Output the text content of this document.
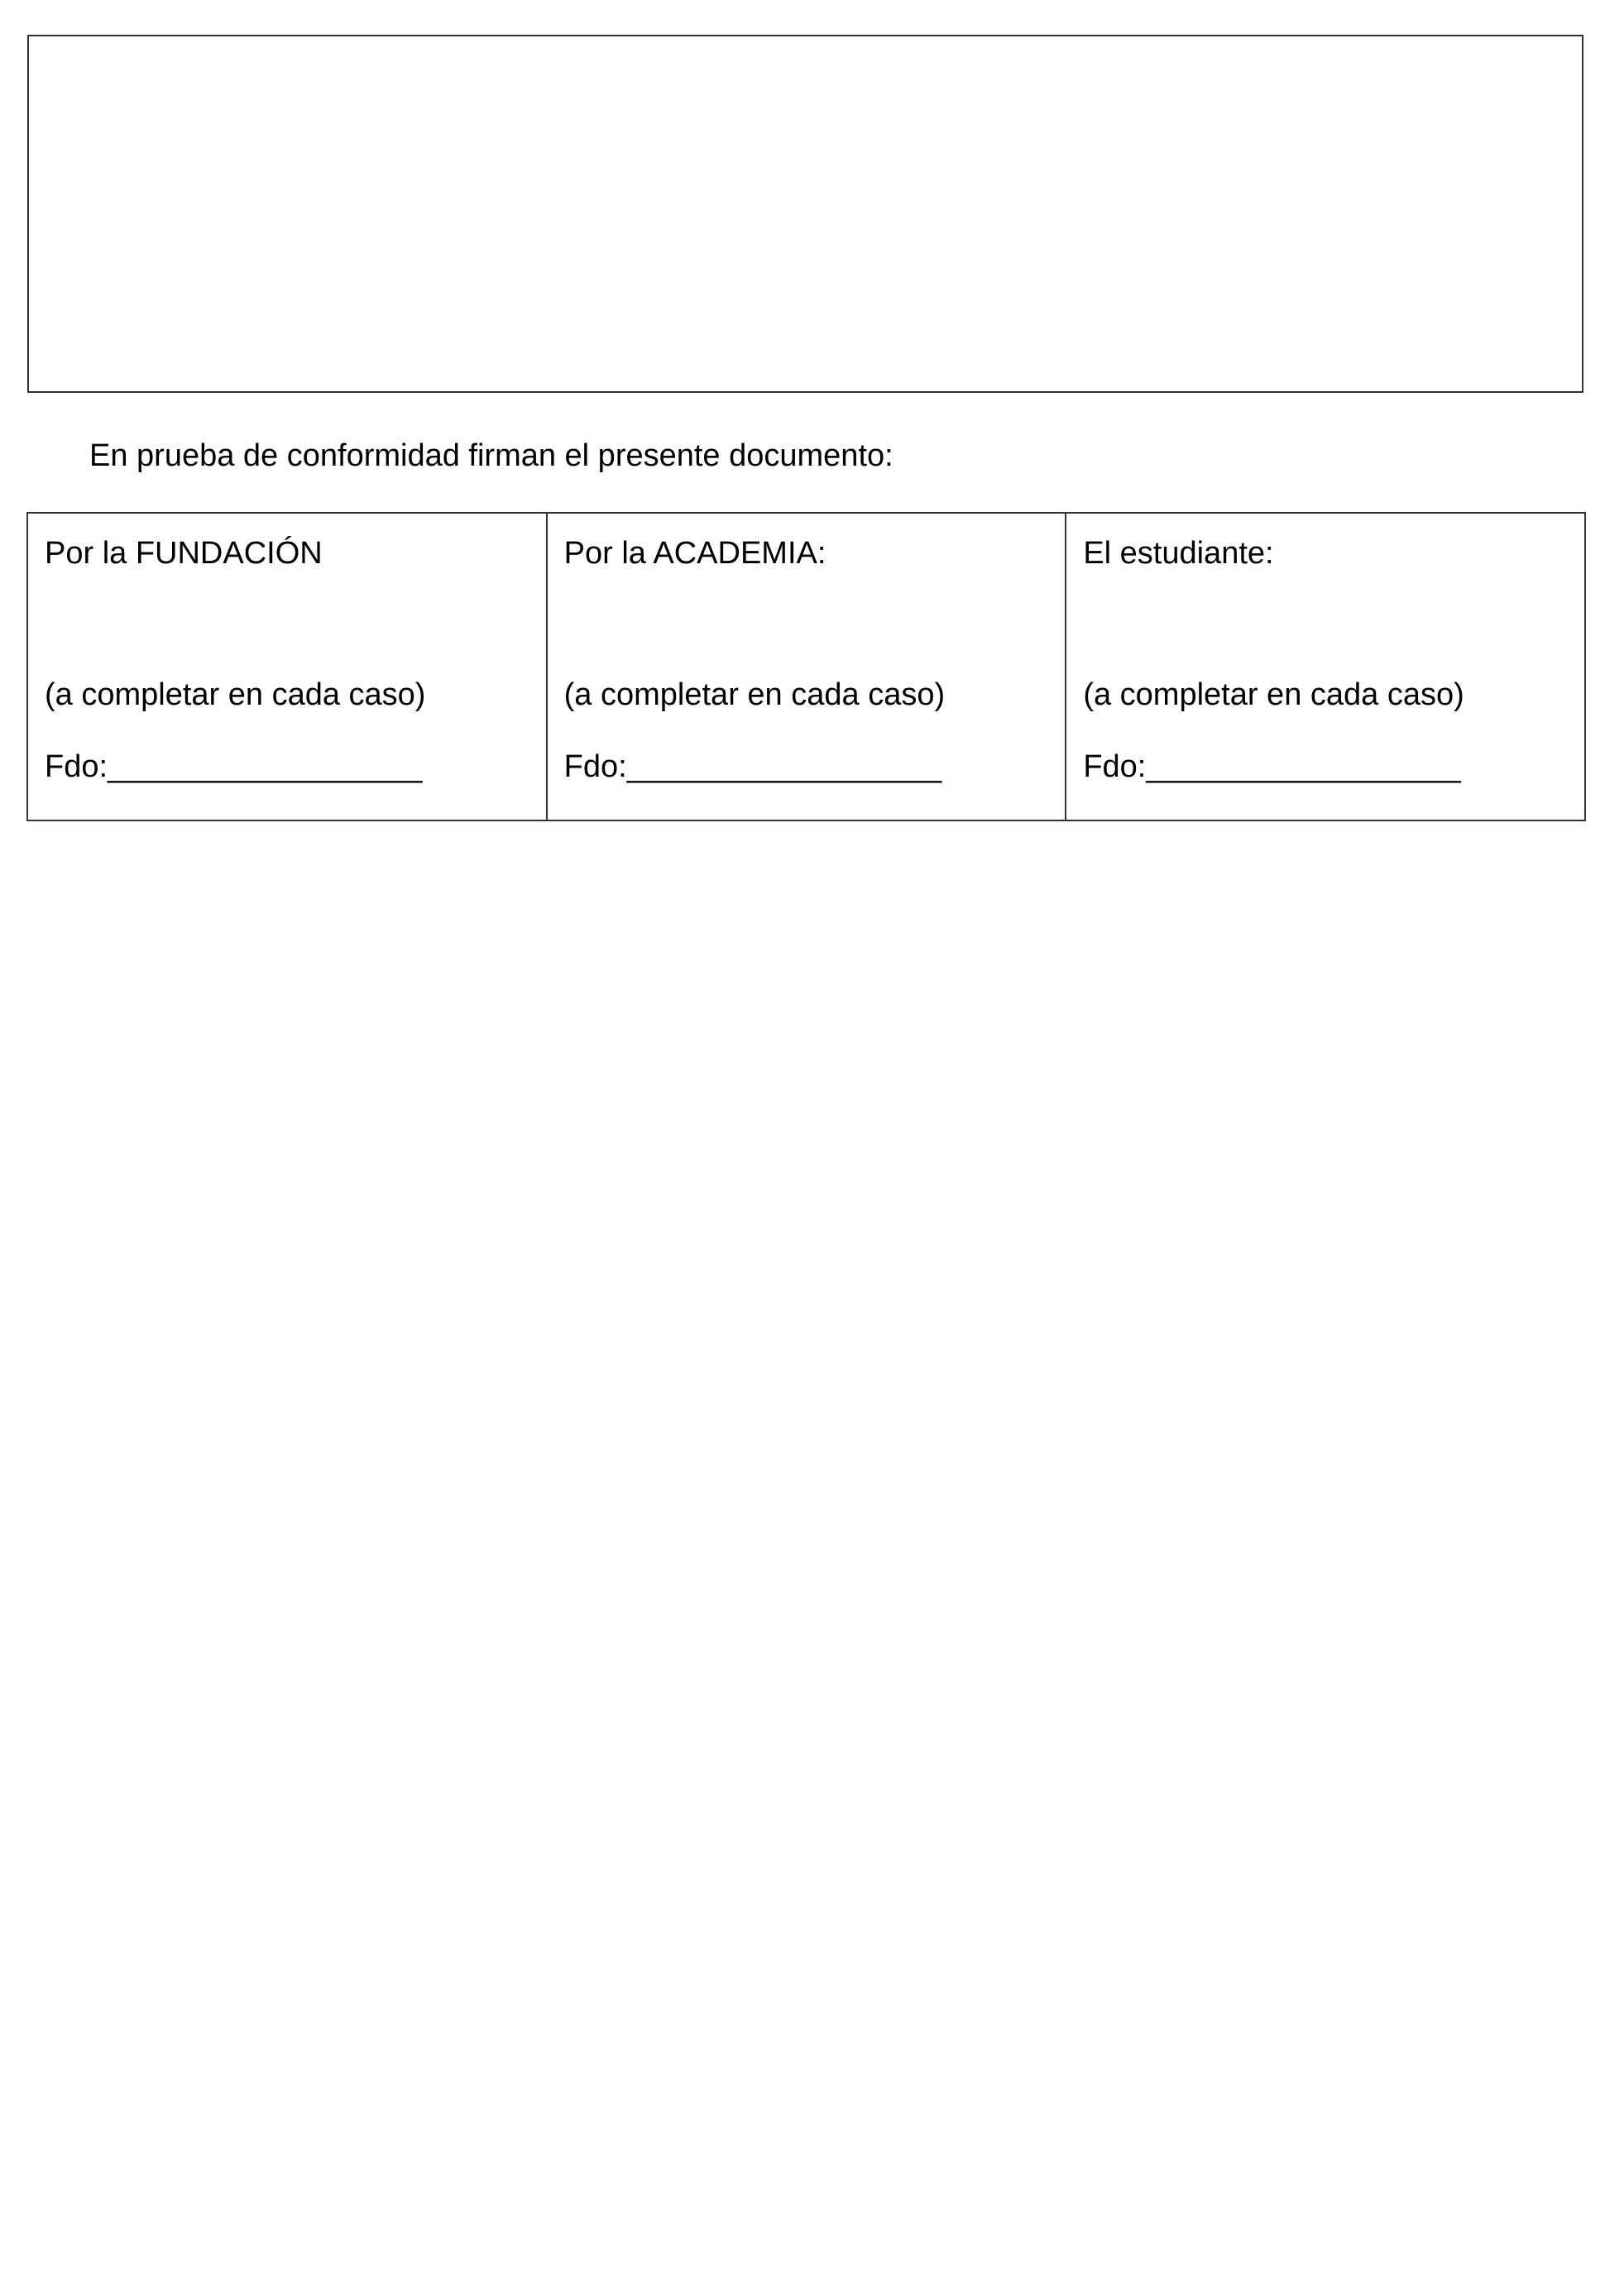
En prueba de conformidad firman el presente documento:
Por la FUNDACIÓN
(a completar en cada caso)
Fdo:__________________

Por la ACADEMIA:
(a completar en cada caso)
Fdo:__________________

El estudiante:
(a completar en cada caso)
Fdo:__________________
